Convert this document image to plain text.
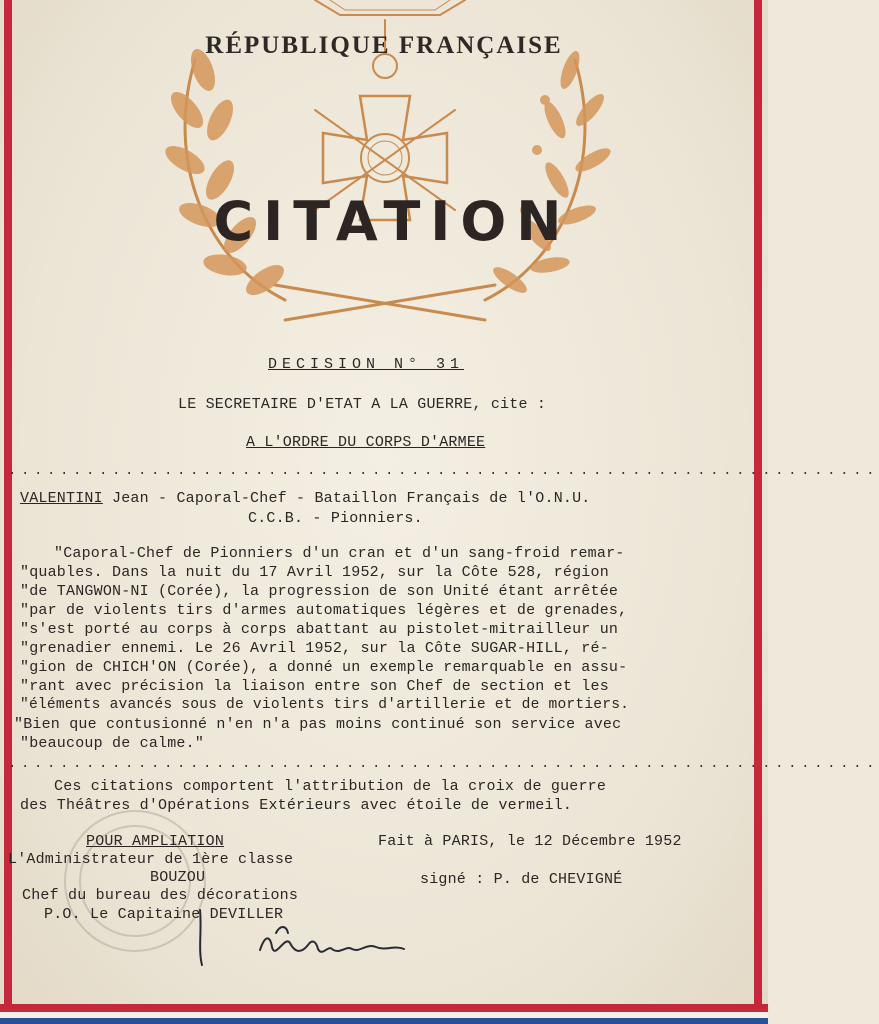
RÉPUBLIQUE FRANÇAISE
CITATION
DECISION N° 31
LE SECRETAIRE D'ETAT A LA GUERRE, cite :
A L'ORDRE DU CORPS D'ARMEE
...................................................................
VALENTINI Jean - Caporal-Chef - Bataillon Français de l'O.N.U.
C.C.B. - Pionniers.
"Caporal-Chef de Pionniers d'un cran et d'un sang-froid remar-
"quables. Dans la nuit du 17 Avril 1952, sur la Côte 528, région
"de TANGWON-NI (Corée), la progression de son Unité étant arrêtée
"par de violents tirs d'armes automatiques légères et de grenades,
"s'est porté au corps à corps abattant au pistolet-mitrailleur un
"grenadier ennemi. Le 26 Avril 1952, sur la Côte SUGAR-HILL, ré-
"gion de CHICH'ON (Corée), a donné un exemple remarquable en assu-
"rant avec précision la liaison entre son Chef de section et les
"éléments avancés sous de violents tirs d'artillerie et de mortiers.
"Bien que contusionné n'en n'a pas moins continué son service avec
"beaucoup de calme."
...................................................................
Ces citations comportent l'attribution de la croix de guerre
des Théâtres d'Opérations Extérieurs avec étoile de vermeil.
POUR AMPLIATION	Fait à PARIS, le 12 Décembre 1952
L'Administrateur de 1ère classe
BOUZOU	signé : P. de CHEVIGNÉ
Chef du bureau des décorations
P.O. Le Capitaine DEVILLER
